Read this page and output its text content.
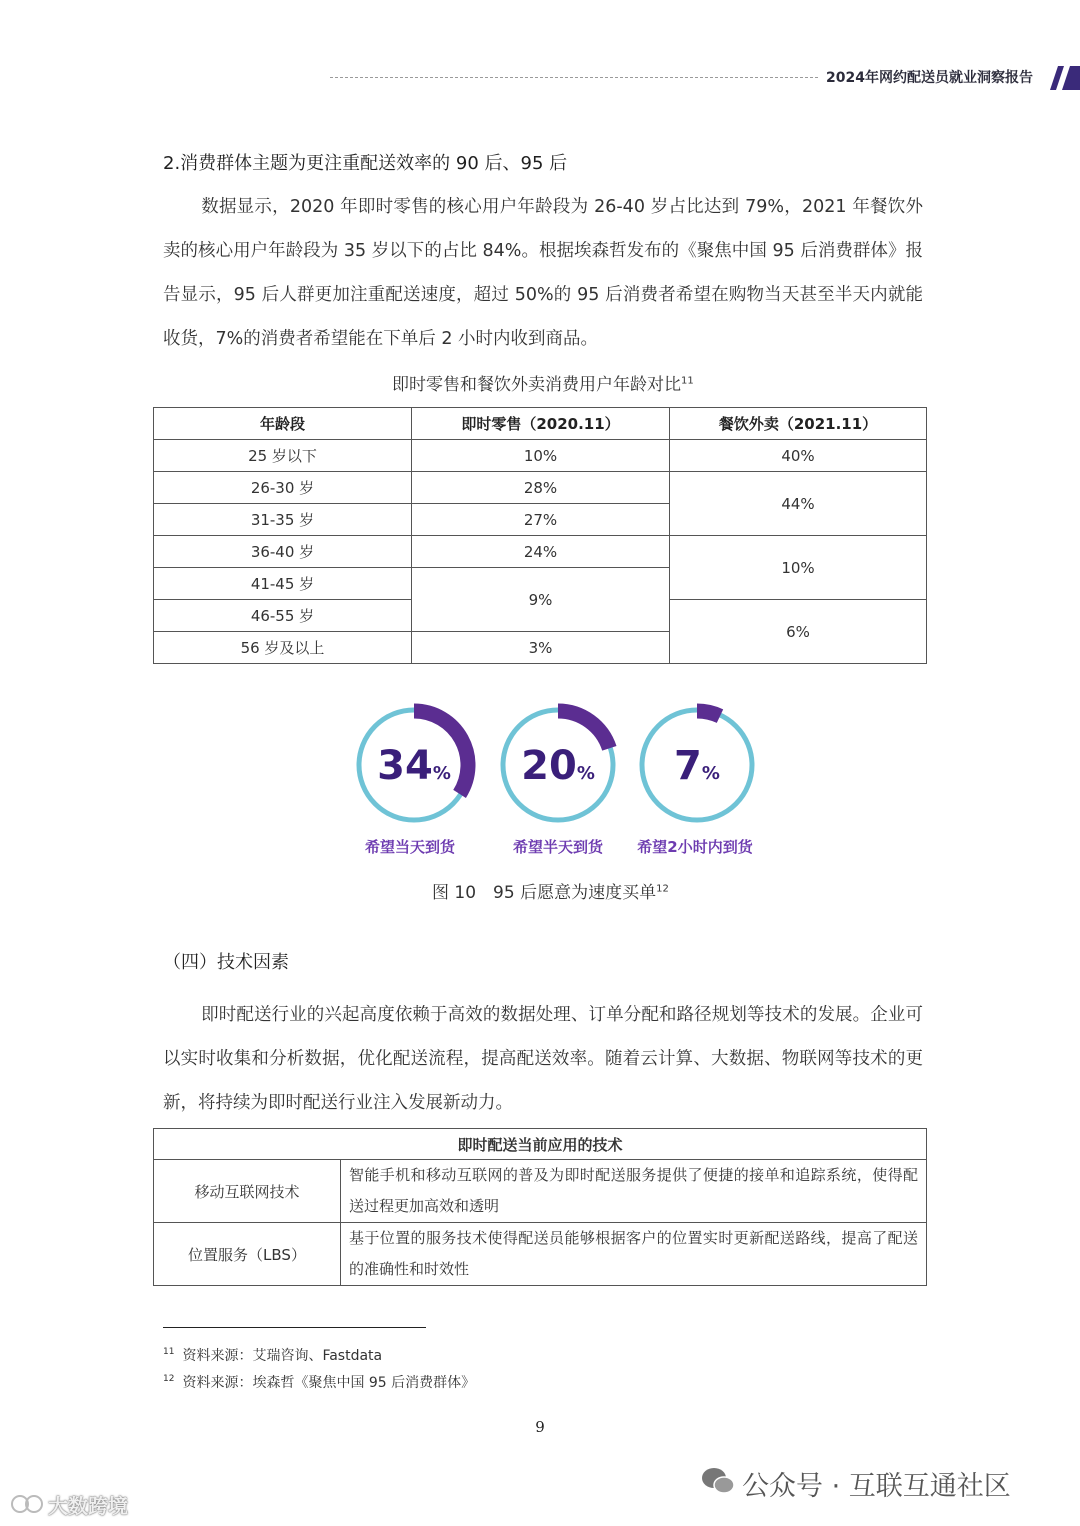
2024年网约配送员就业洞察报告
2.消费群体主题为更注重配送效率的 90 后、95 后
数据显示，2020 年即时零售的核心用户年龄段为 26-40 岁占比达到 79%，2021 年餐饮外卖的核心用户年龄段为 35 岁以下的占比 84%。根据埃森哲发布的《聚焦中国 95 后消费群体》报告显示，95 后人群更加注重配送速度，超过 50%的 95 后消费者希望在购物当天甚至半天内就能收货，7%的消费者希望能在下单后 2 小时内收到商品。
即时零售和餐饮外卖消费用户年龄对比$^{11}$
年龄段	即时零售（2020.11）	餐饮外卖（2021.11）
25 岁以下	10%	40%
26-30 岁	28%	44%
31-35 岁	27%	
36-40 岁	24%	10%
41-45 岁	9%	
46-55 岁		6%
56 岁及以上	3%	
34% 20% 7%
希望当天到货	希望半天到货	希望2小时内到货
图 10　95 后愿意为速度买单$^{12}$
（四）技术因素
即时配送行业的兴起高度依赖于高效的数据处理、订单分配和路径规划等技术的发展。企业可以实时收集和分析数据，优化配送流程，提高配送效率。随着云计算、大数据、物联网等技术的更新，将持续为即时配送行业注入发展新动力。
即时配送当前应用的技术	
移动互联网技术	智能手机和移动互联网的普及为即时配送服务提供了便捷的接单和追踪系统，使得配送过程更加高效和透明
位置服务（LBS）	基于位置的服务技术使得配送员能够根据客户的位置实时更新配送路线，提高了配送的准确性和时效性
$^{11}$ 资料来源：艾瑞咨询、Fastdata
$^{12}$ 资料来源：埃森哲《聚焦中国 95 后消费群体》
9
公众号 · 互联互通社区
大数跨境
